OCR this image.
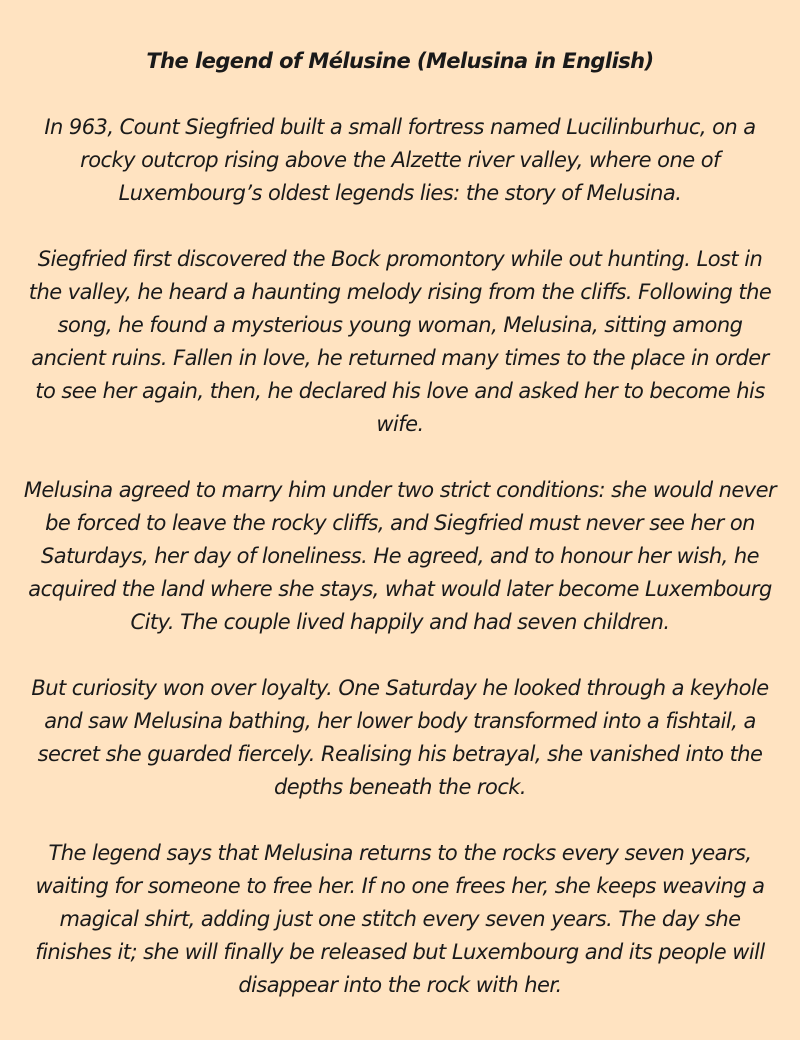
The legend of Mélusine (Melusina in English)

In 963, Count Siegfried built a small fortress named Lucilinburhuc, on a rocky outcrop rising above the Alzette river valley, where one of Luxembourg’s oldest legends lies: the story of Melusina.

Siegfried first discovered the Bock promontory while out hunting. Lost in the valley, he heard a haunting melody rising from the cliffs. Following the song, he found a mysterious young woman, Melusina, sitting among ancient ruins. Fallen in love, he returned many times to the place in order to see her again, then, he declared his love and asked her to become his wife.

Melusina agreed to marry him under two strict conditions: she would never be forced to leave the rocky cliffs, and Siegfried must never see her on Saturdays, her day of loneliness. He agreed, and to honour her wish, he acquired the land where she stays, what would later become Luxembourg City. The couple lived happily and had seven children.

But curiosity won over loyalty. One Saturday he looked through a keyhole and saw Melusina bathing, her lower body transformed into a fishtail, a secret she guarded fiercely. Realising his betrayal, she vanished into the depths beneath the rock.

The legend says that Melusina returns to the rocks every seven years, waiting for someone to free her. If no one frees her, she keeps weaving a magical shirt, adding just one stitch every seven years. The day she finishes it; she will finally be released but Luxembourg and its people will disappear into the rock with her.
